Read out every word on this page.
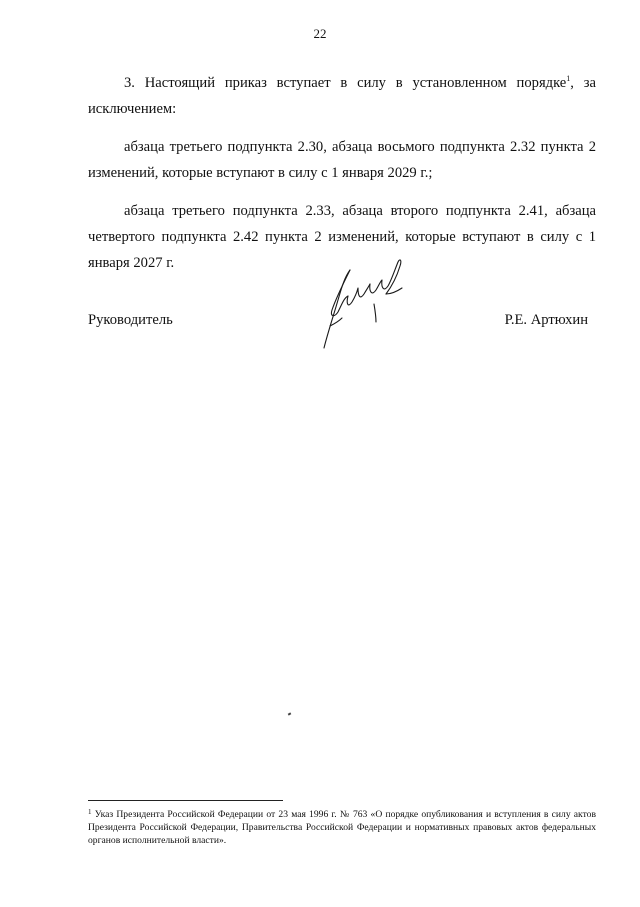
22

3. Настоящий приказ вступает в силу в установленном порядке$^1$, за исключением:

абзаца третьего подпункта 2.30, абзаца восьмого подпункта 2.32 пункта 2 изменений, которые вступают в силу с 1 января 2029 г.;

абзаца третьего подпункта 2.33, абзаца второго подпункта 2.41, абзаца четвертого подпункта 2.42 пункта 2 изменений, которые вступают в силу с 1 января 2027 г.

Руководитель	Р.Е. Артюхин
$^1$ Указ Президента Российской Федерации от 23 мая 1996 г. № 763 «О порядке опубликования и вступления в силу актов Президента Российской Федерации, Правительства Российской Федерации и нормативных правовых актов федеральных органов исполнительной власти».
